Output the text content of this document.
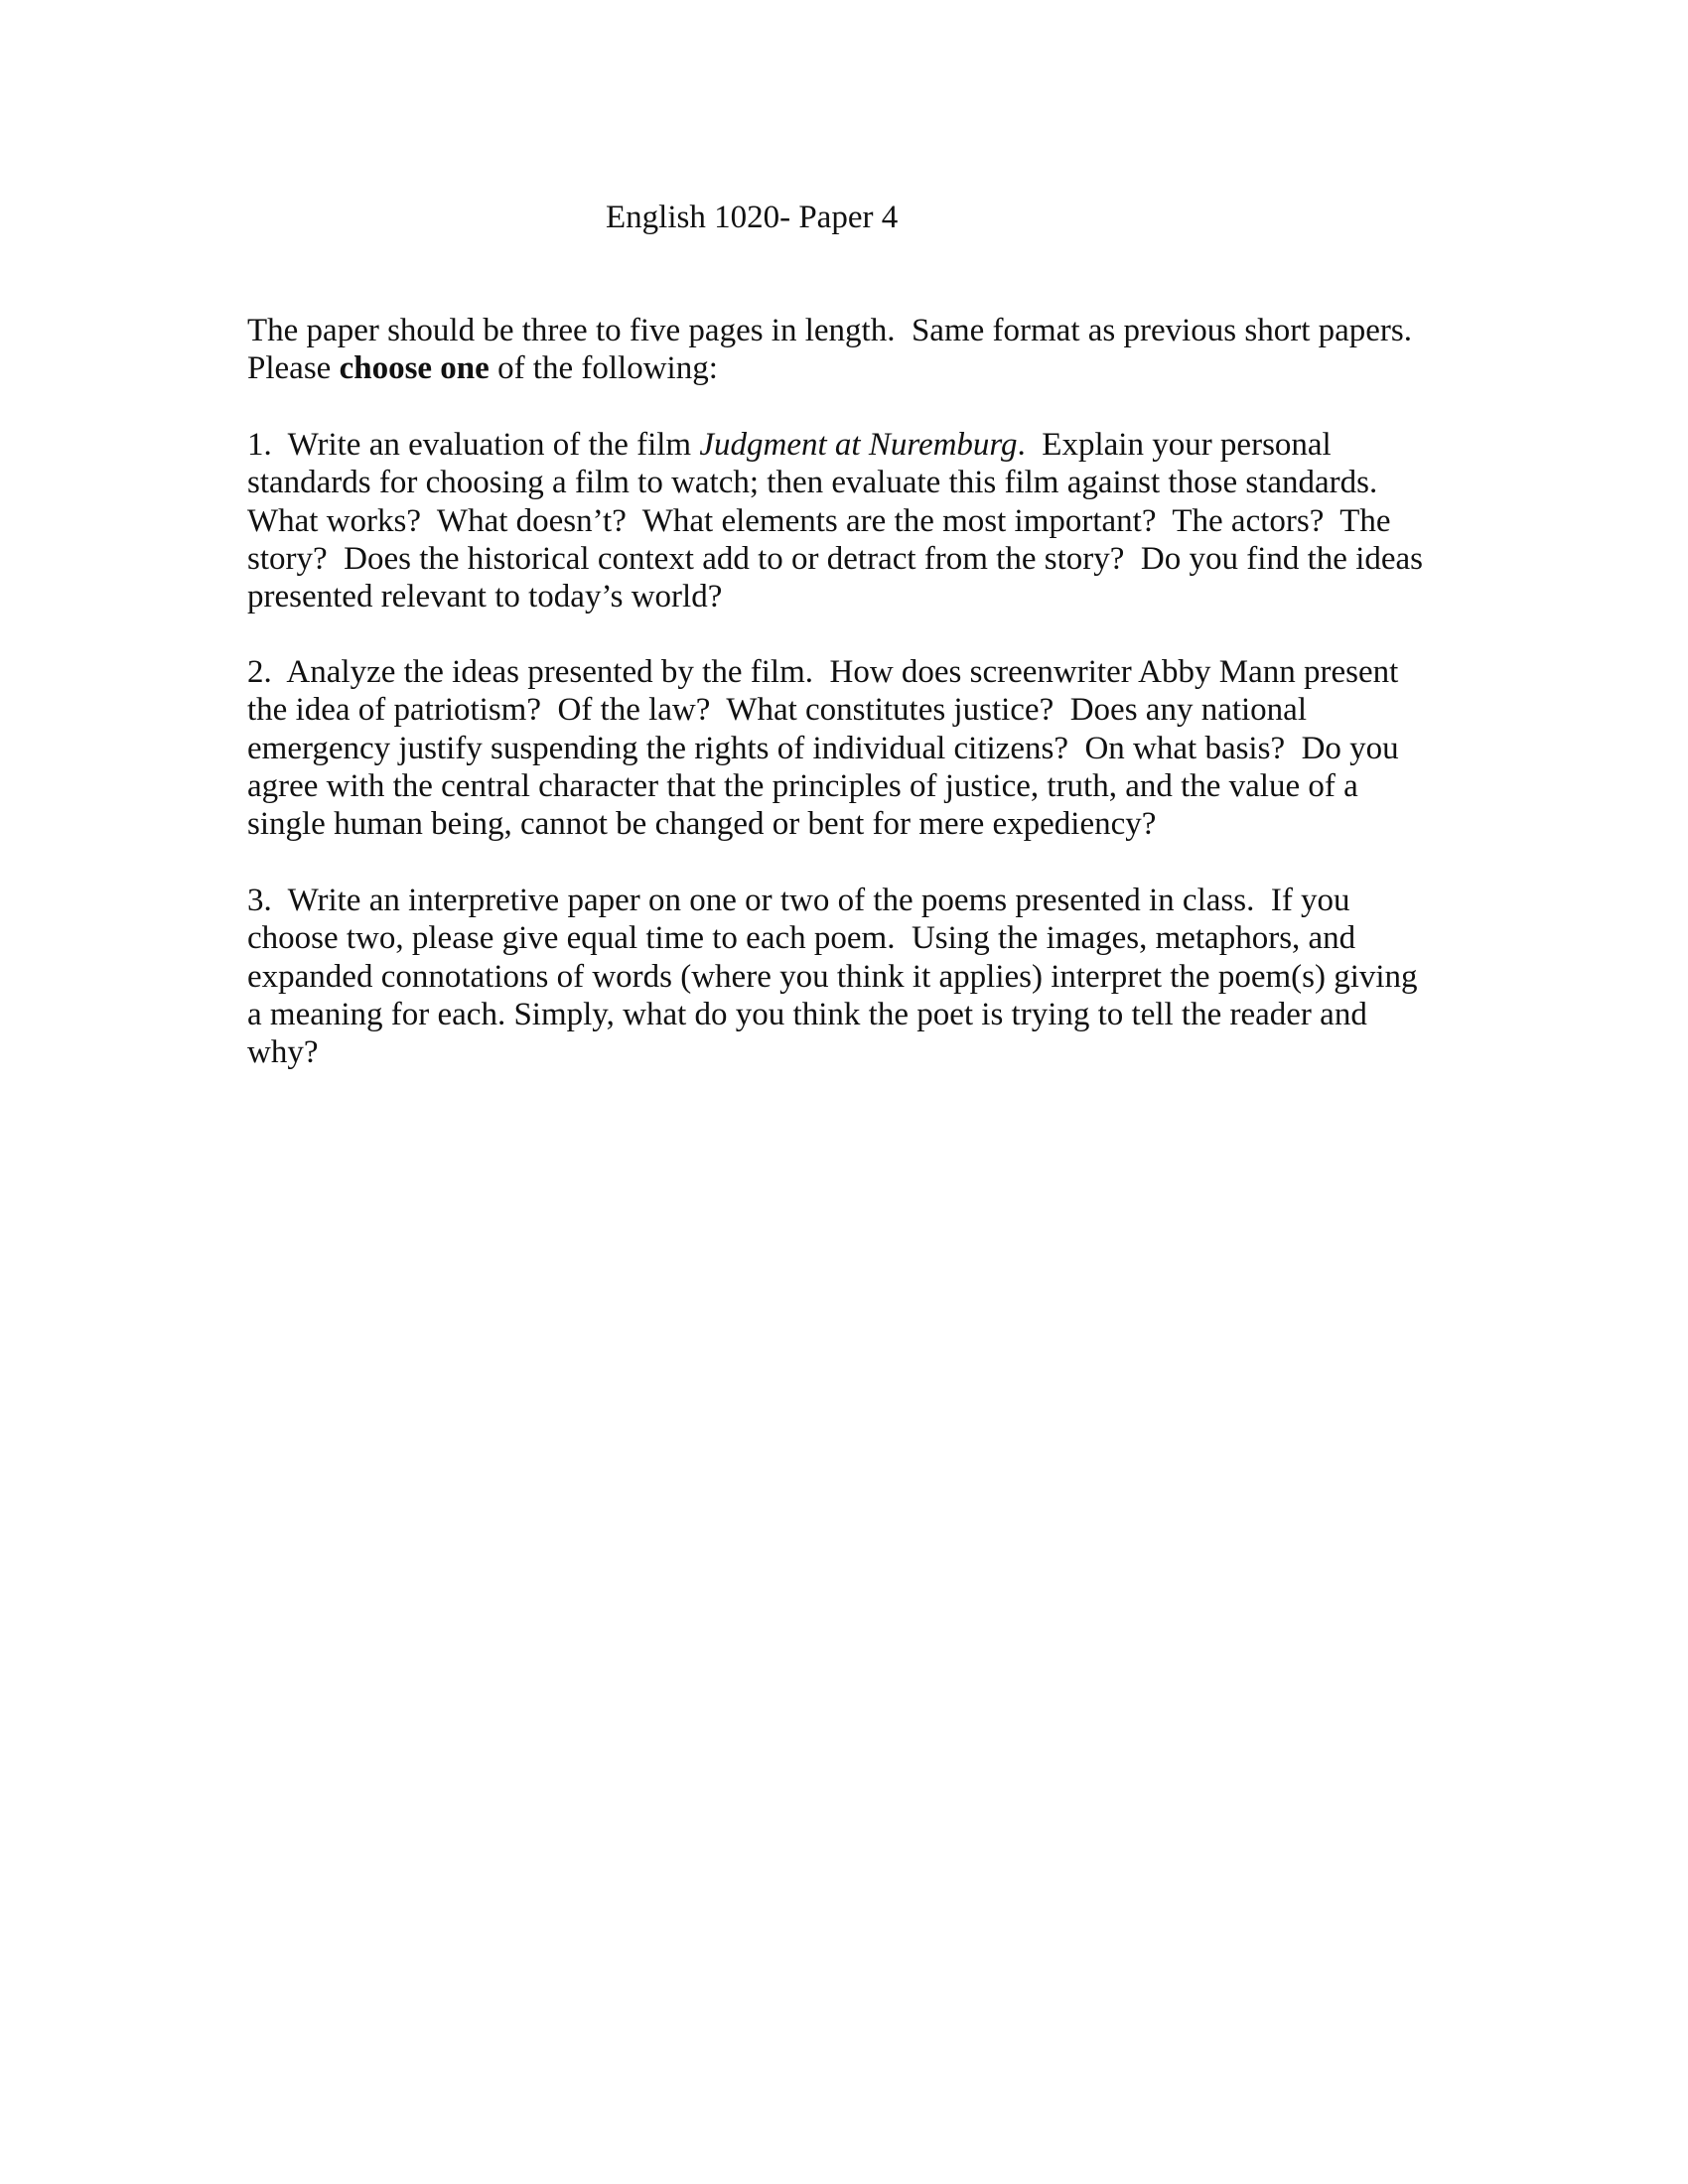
English 1020- Paper 4
The paper should be three to five pages in length.  Same format as previous short papers.
Please choose one of the following:
1.  Write an evaluation of the film Judgment at Nuremburg.  Explain your personal
standards for choosing a film to watch; then evaluate this film against those standards.
What works?  What doesn’t?  What elements are the most important?  The actors?  The
story?  Does the historical context add to or detract from the story?  Do you find the ideas
presented relevant to today’s world?
2.  Analyze the ideas presented by the film.  How does screenwriter Abby Mann present
the idea of patriotism?  Of the law?  What constitutes justice?  Does any national
emergency justify suspending the rights of individual citizens?  On what basis?  Do you
agree with the central character that the principles of justice, truth, and the value of a
single human being, cannot be changed or bent for mere expediency?
3.  Write an interpretive paper on one or two of the poems presented in class.  If you
choose two, please give equal time to each poem.  Using the images, metaphors, and
expanded connotations of words (where you think it applies) interpret the poem(s) giving
a meaning for each. Simply, what do you think the poet is trying to tell the reader and
why?
